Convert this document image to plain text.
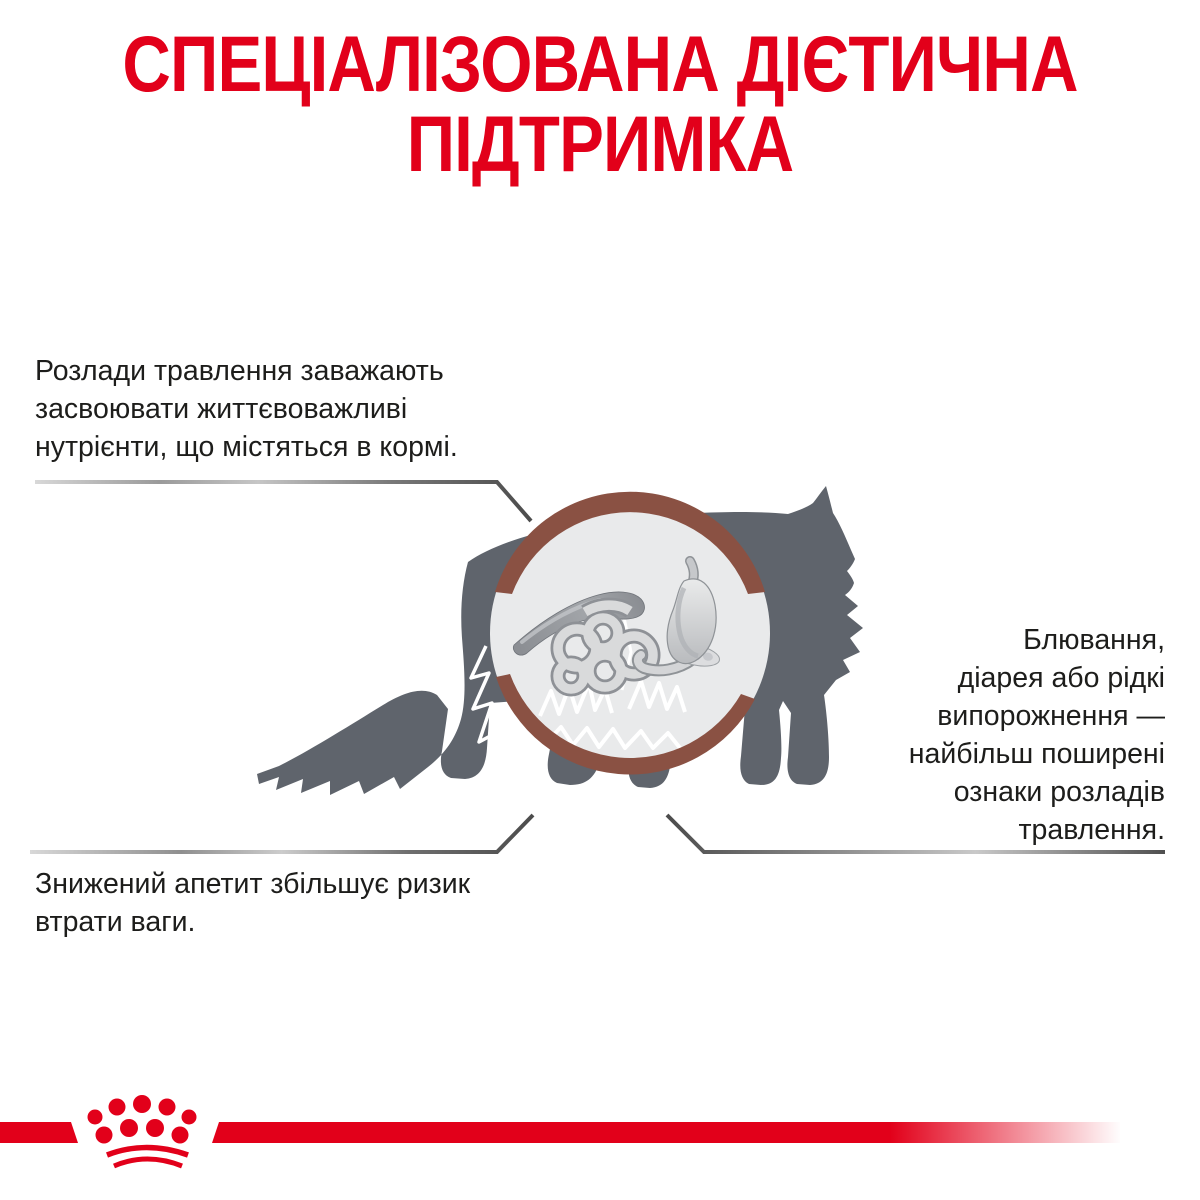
СПЕЦІАЛІЗОВАНА ДІЄТИЧНА
ПІДТРИМКА
Розлади травлення заважають
засвоювати життєвоважливі
нутрієнти, що містяться в кормі.
Блювання,
діарея або рідкі
випорожнення —
найбільш поширені
ознаки розладів
травлення.
Знижений апетит збільшує ризик
втрати ваги.
